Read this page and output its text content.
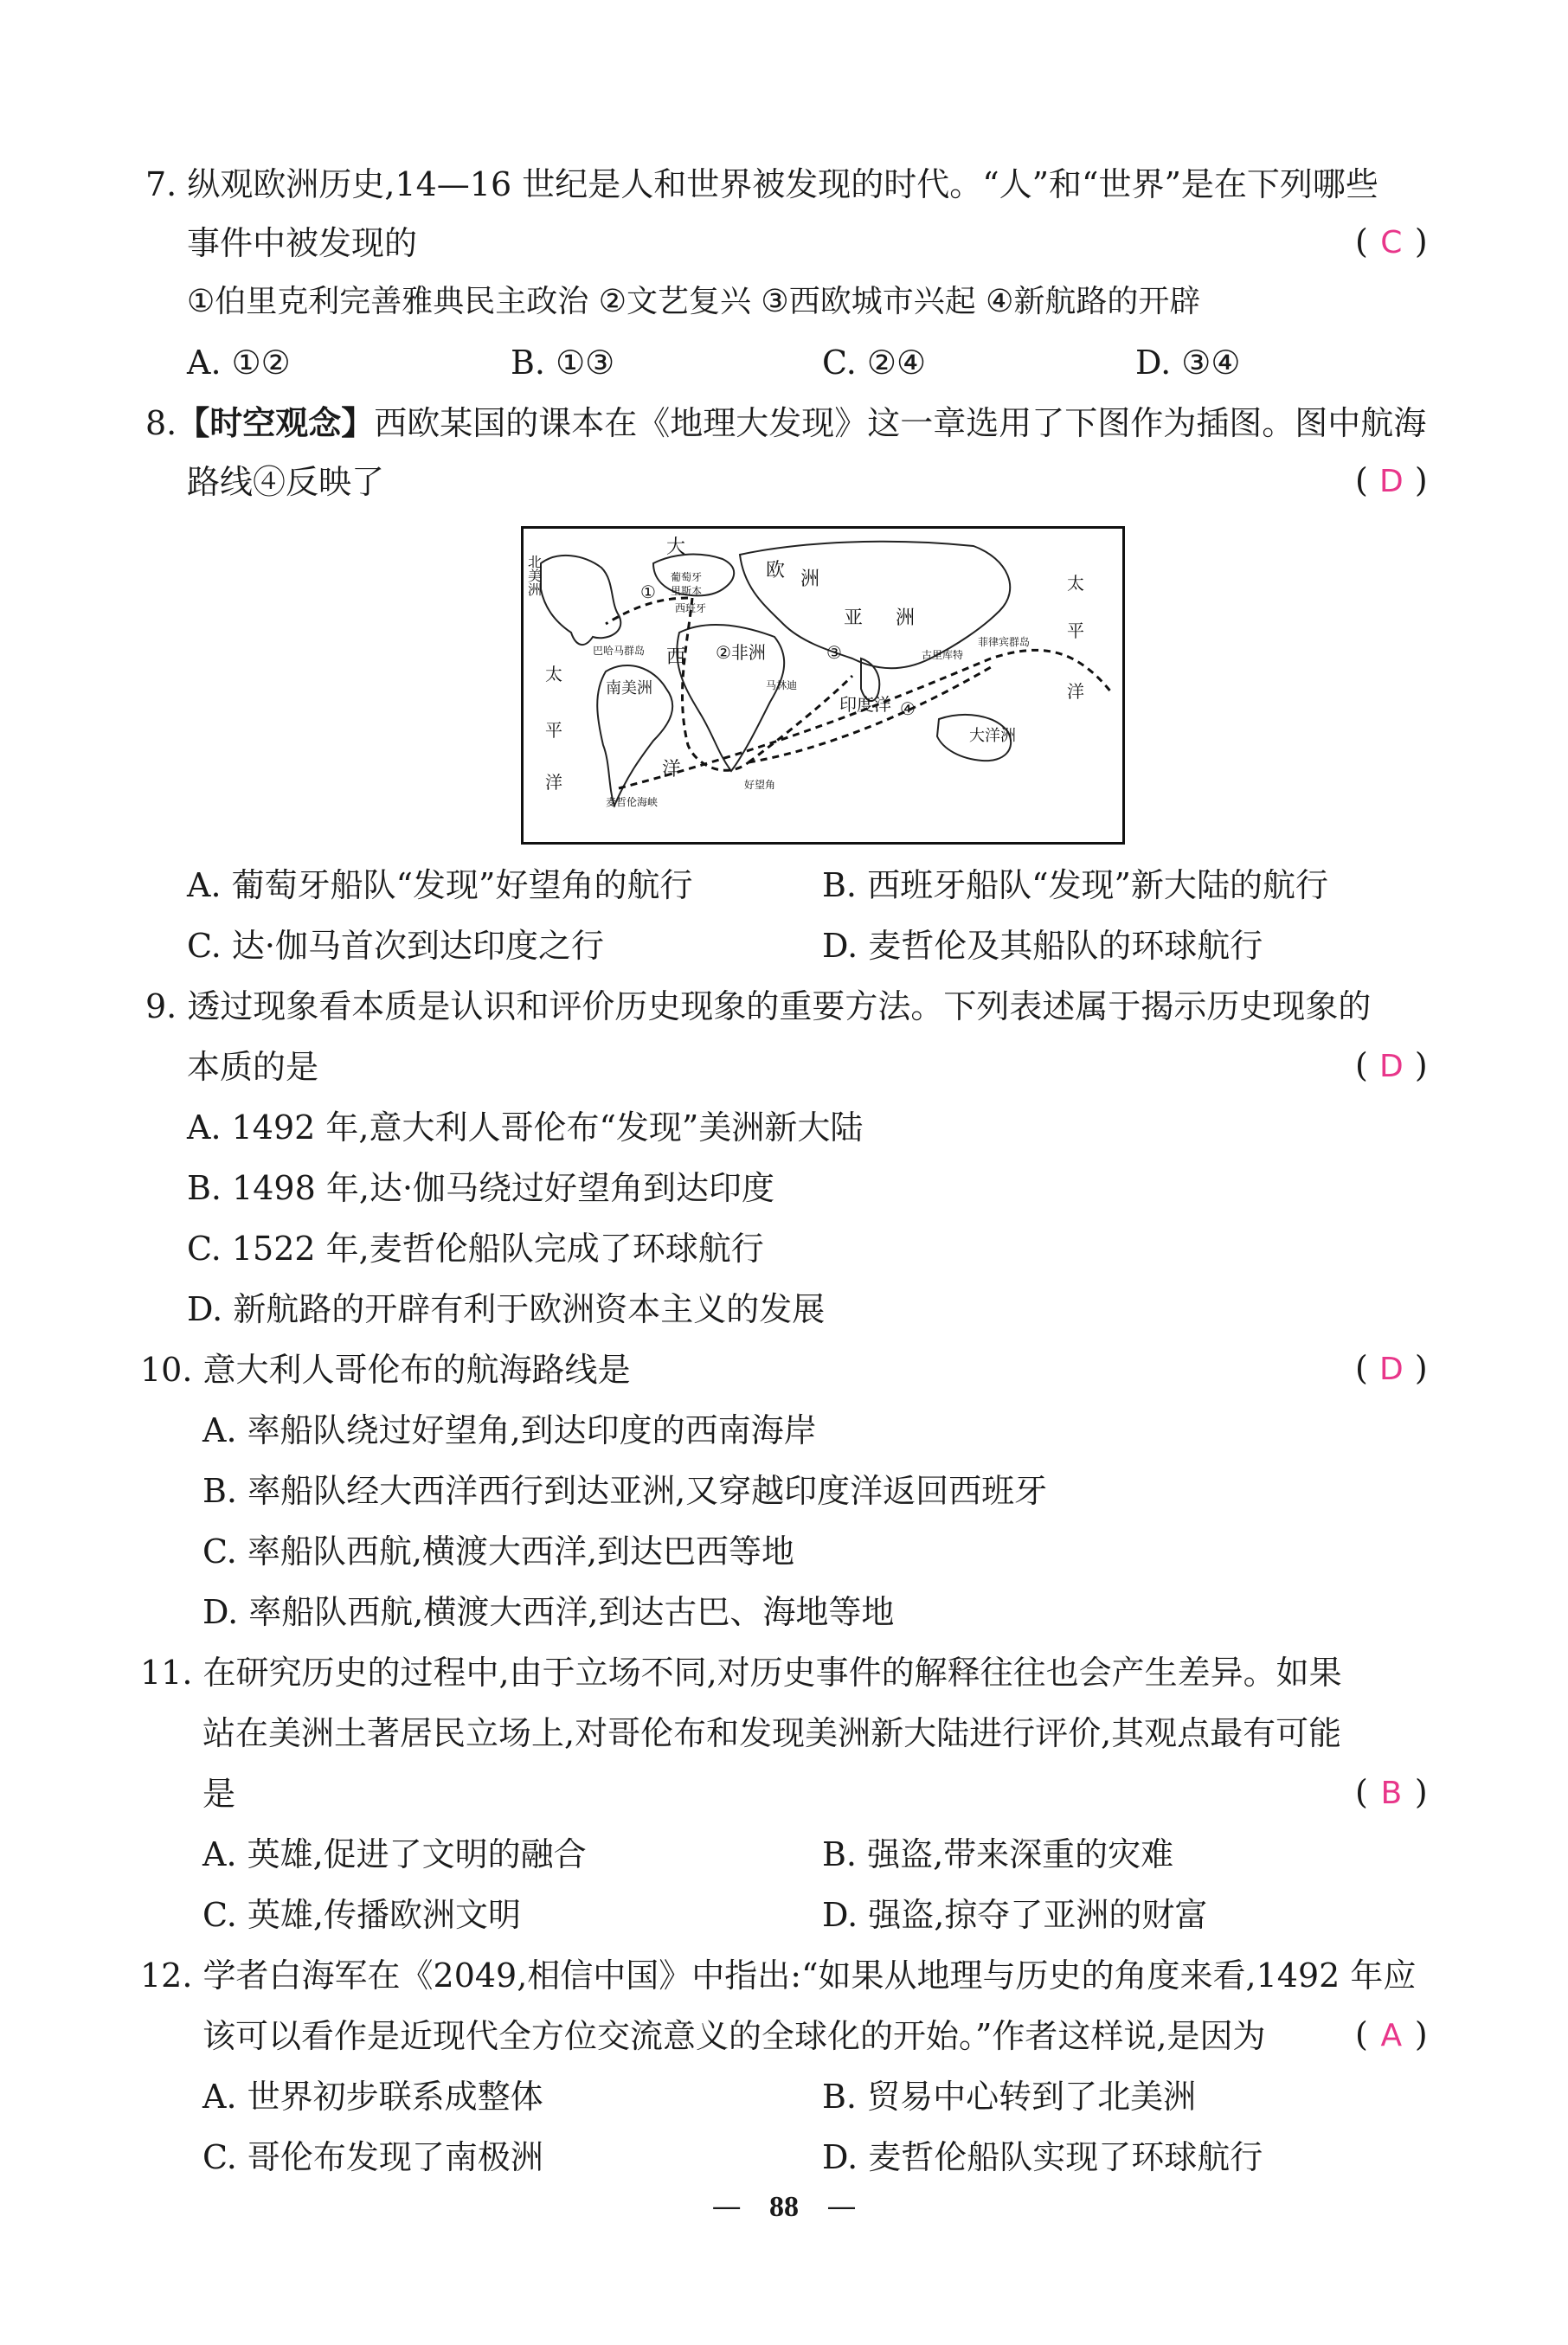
7. 纵观欧洲历史,14—16 世纪是人和世界被发现的时代。“人”和“世界”是在下列哪些
事件中被发现的	( C )
①伯里克利完善雅典民主政治 ②文艺复兴 ③西欧城市兴起 ④新航路的开辟
A. ①②	B. ①③	C. ②④	D. ③④
8.【时空观念】西欧某国的课本在《地理大发现》这一章选用了下图作为插图。图中航海
路线④反映了	( D )
北美洲
大
欧 洲
葡萄牙
里斯本
西班牙	亚 洲
太
平
洋
巴哈马群岛	②非洲
西	古里库特
菲律宾群岛
太
南美洲
平
马林迪
印度洋
大洋洲
洋
洋
好望角
麦哲伦海峡
①
③
④
A. 葡萄牙船队“发现”好望角的航行	B. 西班牙船队“发现”新大陆的航行
C. 达·伽马首次到达印度之行	D. 麦哲伦及其船队的环球航行
9. 透过现象看本质是认识和评价历史现象的重要方法。下列表述属于揭示历史现象的
本质的是	( D )
A. 1492 年,意大利人哥伦布“发现”美洲新大陆
B. 1498 年,达·伽马绕过好望角到达印度
C. 1522 年,麦哲伦船队完成了环球航行
D. 新航路的开辟有利于欧洲资本主义的发展
10. 意大利人哥伦布的航海路线是	( D )
A. 率船队绕过好望角,到达印度的西南海岸
B. 率船队经大西洋西行到达亚洲,又穿越印度洋返回西班牙
C. 率船队西航,横渡大西洋,到达巴西等地
D. 率船队西航,横渡大西洋,到达古巴、海地等地
11. 在研究历史的过程中,由于立场不同,对历史事件的解释往往也会产生差异。如果
站在美洲土著居民立场上,对哥伦布和发现美洲新大陆进行评价,其观点最有可能
是	( B )
A. 英雄,促进了文明的融合	B. 强盗,带来深重的灾难
C. 英雄,传播欧洲文明	D. 强盗,掠夺了亚洲的财富
12. 学者白海军在《2049,相信中国》中指出:“如果从地理与历史的角度来看,1492 年应
该可以看作是近现代全方位交流意义的全球化的开始。”作者这样说,是因为	( A )
A. 世界初步联系成整体	B. 贸易中心转到了北美洲
C. 哥伦布发现了南极洲	D. 麦哲伦船队实现了环球航行
— 88 —
